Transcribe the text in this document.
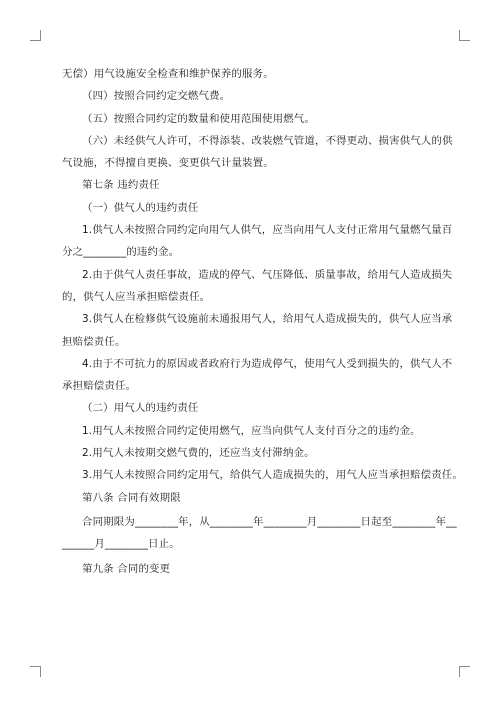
无偿）用气设施安全检查和维护保养的服务。

（四）按照合同约定交燃气费。

（五）按照合同约定的数量和使用范围使用燃气。

（六）未经供气人许可，不得添装、改装燃气管道，不得更动、损害供气人的供

气设施，不得擅自更换、变更供气计量装置。

第七条 违约责任

（一）供气人的违约责任

1.供气人未按照合同约定向用气人供气，应当向用气人支付正常用气量燃气量百

分之________的违约金。

2.由于供气人责任事故，造成的停气、气压降低、质量事故，给用气人造成损失

的，供气人应当承担赔偿责任。

3.供气人在检修供气设施前未通报用气人，给用气人造成损失的，供气人应当承

担赔偿责任。

4.由于不可抗力的原因或者政府行为造成停气，使用气人受到损失的，供气人不

承担赔偿责任。

（二）用气人的违约责任

1.用气人未按照合同约定使用燃气，应当向供气人支付百分之的违约金。

2.用气人未按期交燃气费的，还应当支付滞纳金。

3.用气人未按照合同约定用气，给供气人造成损失的，用气人应当承担赔偿责任。

第八条 合同有效期限

合同期限为________年，从________年________月________日起至________年__

______月________日止。

第九条 合同的变更
